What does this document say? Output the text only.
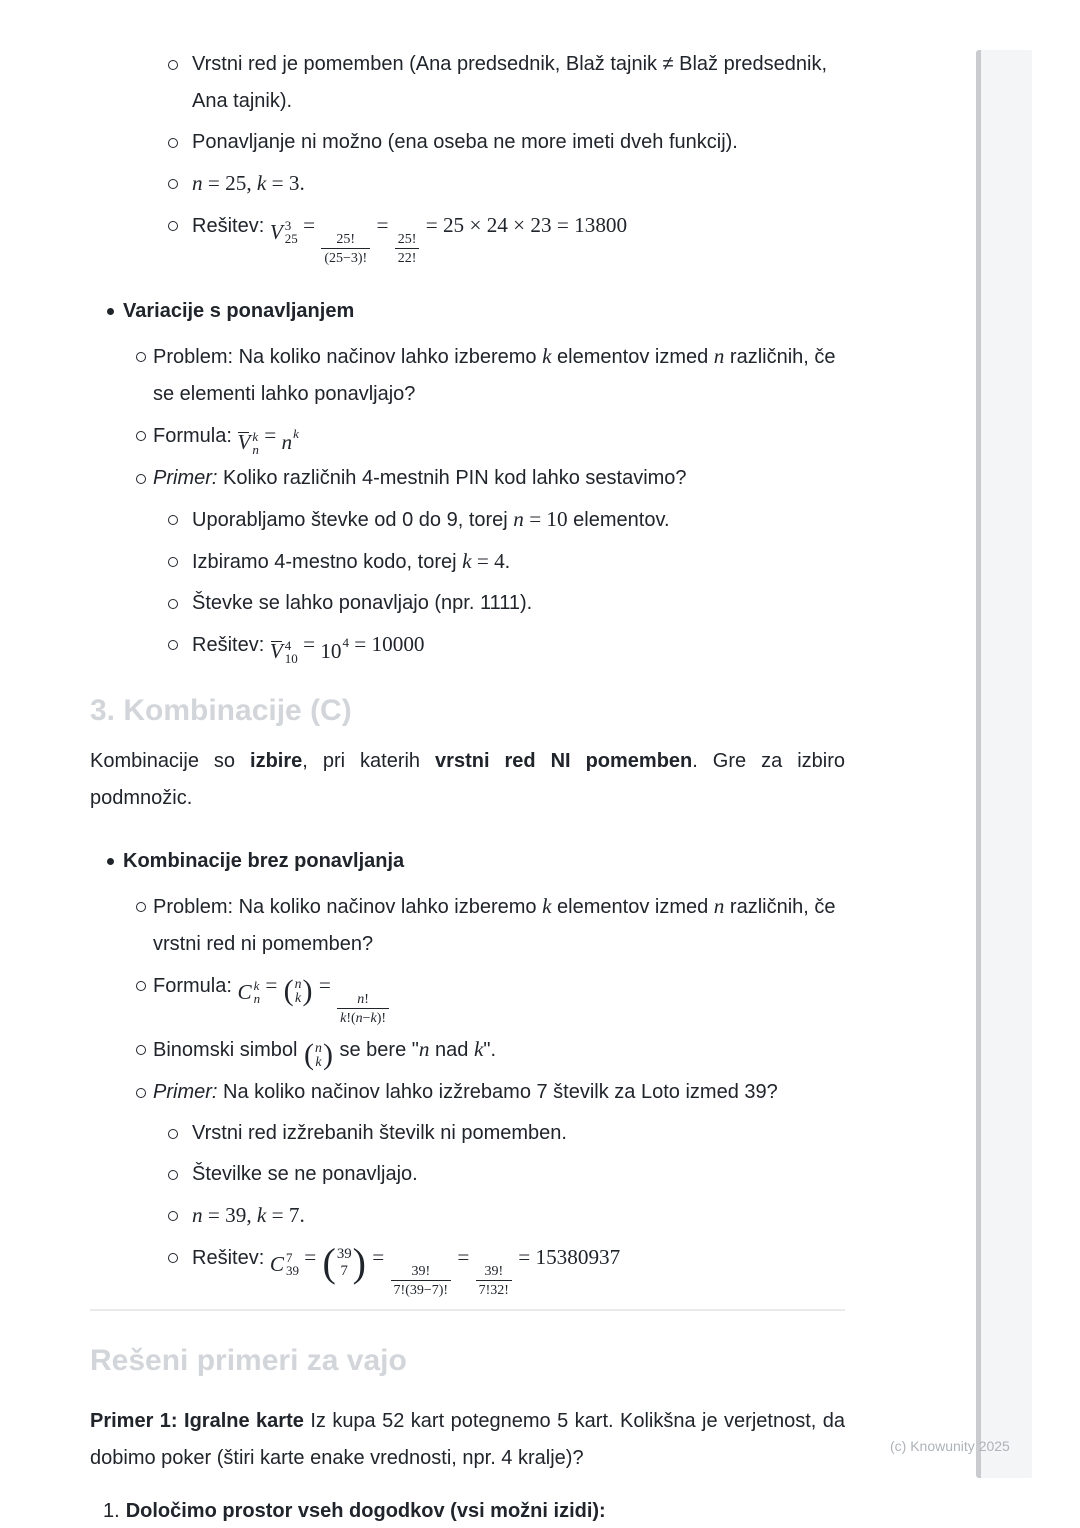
Vrstni red je pomemben (Ana predsednik, Blaž tajnik ≠ Blaž predsednik, Ana tajnik).
Ponavljanje ni možno (ena oseba ne more imeti dveh funkcij).
n = 25, k = 3.
Rešitev: V 3
25
=
$\frac{25!}{(25-3)!}$
=
$\frac{25!}{22!}$
= 25 × 24 × 23 = 13800
Variacije s ponavljanjem
Problem: Na koliko načinov lahko izberemo k elementov izmed n različnih, če se elementi lahko ponavljajo?
Formula: V k
n
= n k
Primer: Koliko različnih 4-mestnih PIN kod lahko sestavimo?
Uporabljamo števke od 0 do 9, torej n = 10 elementov.
Izbiramo 4-mestno kodo, torej k = 4.
Števke se lahko ponavljajo (npr. 1111).
Rešitev: V 4
10
= 10 4 = 10000
3. Kombinacije (C)
Kombinacije so izbire, pri katerih vrstni red NI pomemben. Gre za izbiro podmnožic.
Kombinacije brez ponavljanja
Problem: Na koliko načinov lahko izberemo k elementov izmed n različnih, če vrstni red ni pomemben?
Formula: C k
n
= ( n
k ) =
$\frac{n!}{k!(n-k)!}$
Binomski simbol ( n
k ) se bere "n nad k".
Primer: Na koliko načinov lahko izžrebamo 7 številk za Loto izmed 39?
Vrstni red izžrebanih številk ni pomemben.
Številke se ne ponavljajo.
n = 39, k = 7.
Rešitev: C 7
39
= ( 39
7 ) =
$\frac{39!}{7!(39-7)!}$
=
$\frac{39!}{7!32!}$
= 15380937
Rešeni primeri za vajo
Primer 1: Igralne karte Iz kupa 52 kart potegnemo 5 kart. Kolikšna je verjetnost, da dobimo poker (štiri karte enake vrednosti, npr. 4 kralje)?
1. Določimo prostor vseh dogodkov (vsi možni izidi):
(c) Knowunity 2025
